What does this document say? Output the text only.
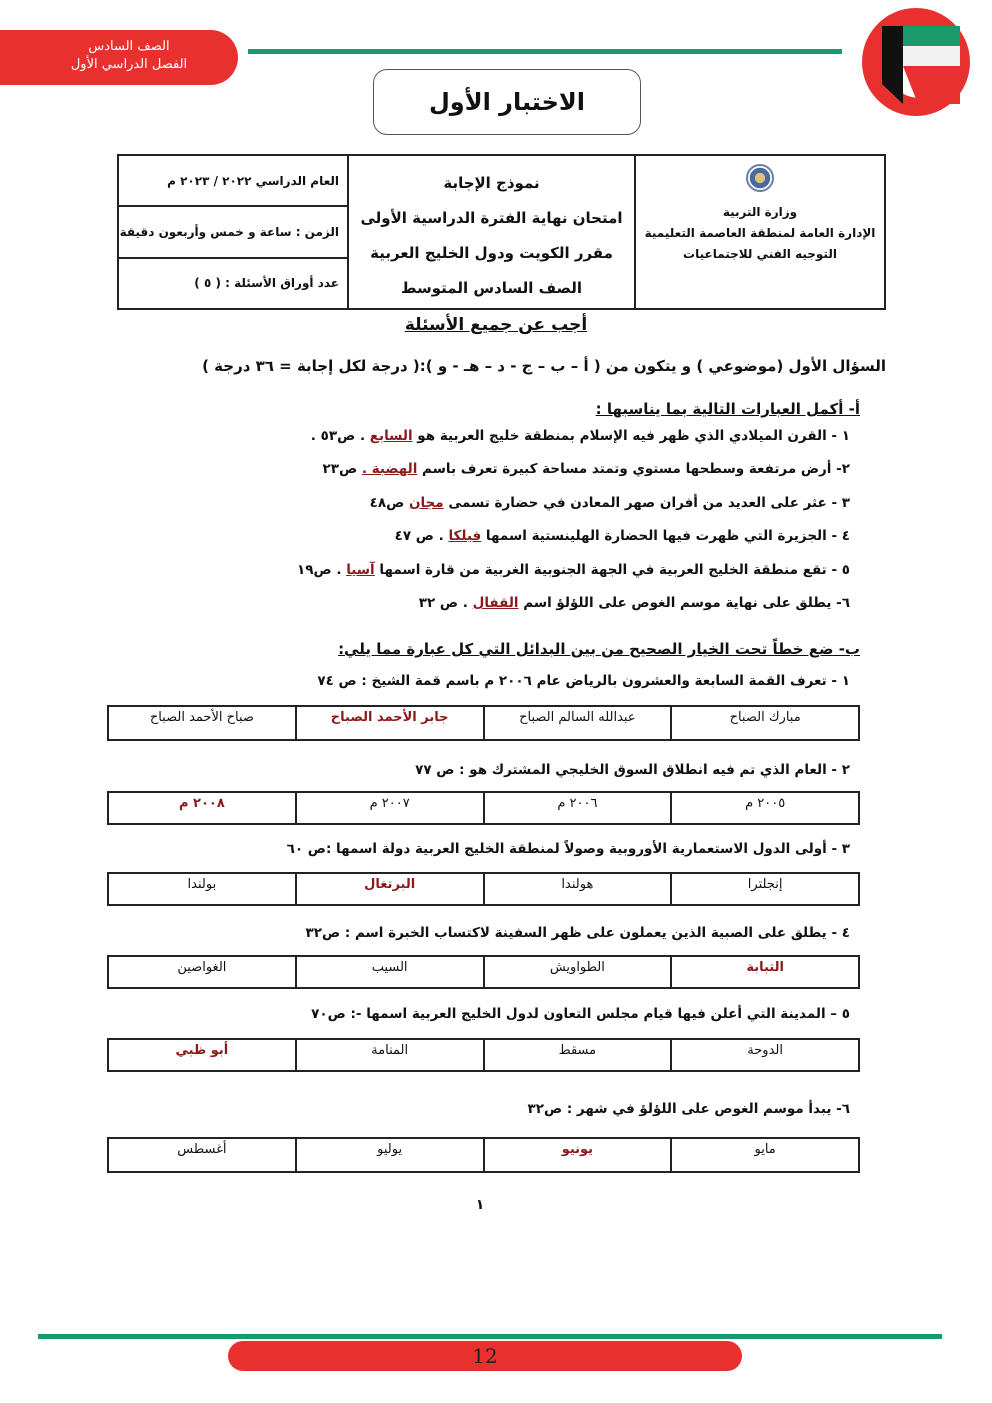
الصف السادس
الفصل الدراسي الأول
الاختبار الأول
وزارة التربية
الإدارة العامة لمنطقة العاصمة التعليمية
التوجيه الفني للاجتماعيات
نموذج الإجابة
امتحان نهاية الفترة الدراسية الأولى
مقرر الكويت ودول الخليج العربية
الصف السادس المتوسط
العام الدراسي ٢٠٢٢ / ٢٠٢٣ م
الزمن : ساعة و خمس وأربعون دقيقة
عدد أوراق الأسئلة : ( ٥ )
أجب عن جميع الأسئلة
السؤال الأول (موضوعي ) و يتكون من ( أ – ب – ج - د – هـ - و ):( درجة لكل إجابة = ٣٦ درجة )
أ- أكمل العبارات التالية بما يناسبها :
١ - القرن الميلادي الذي ظهر فيه الإسلام بمنطقة خليج العربية هو السابع . ص٥٣ .
٢- أرض مرتفعة وسطحها مستوي وتمتد مساحة كبيرة تعرف باسم الهضبة . ص٢٣
٣ - عثر على العديد من أفران صهر المعادن في حضارة تسمى مجان ص٤٨
٤ - الجزيرة التي ظهرت فيها الحضارة الهلينستية اسمها فيلكا . ص ٤٧
٥ - تقع منطقة الخليج العربية في الجهة الجنوبية الغربية من قارة اسمها آسيا . ص١٩
٦- يطلق على نهاية موسم الغوص على اللؤلؤ اسم القفال . ص ٣٢
ب- ضع خطاً تحت الخيار الصحيح من بين البدائل التي كل عبارة مما يلي:
١ - تعرف القمة السابعة والعشرون بالرياض عام ٢٠٠٦ م باسم قمة الشيخ : ص ٧٤
مبارك الصباح	عبدالله السالم الصباح	جابر الأحمد الصباح	صباح الأحمد الصباح
٢ - العام الذي تم فيه انطلاق السوق الخليجي المشترك هو : ص ٧٧
٢٠٠٥ م	٢٠٠٦ م	٢٠٠٧ م	٢٠٠٨ م
٣ - أولى الدول الاستعمارية الأوروبية وصولاً لمنطقة الخليج العربية دولة اسمها :ص ٦٠
إنجلترا	هولندا	البرتغال	بولندا
٤ - يطلق على الصبية الذين يعملون على ظهر السفينة لاكتساب الخبرة اسم : ص٣٢
التبابة	الطواويش	السيب	الغواصين
٥ – المدينة التي أعلن فيها قيام مجلس التعاون لدول الخليج العربية اسمها -: ص٧٠
الدوحة	مسقط	المنامة	أبو ظبي
٦- يبدأ موسم الغوص على اللؤلؤ في شهر : ص٣٢
مايو	يونيو	يوليو	أغسطس
١
12
